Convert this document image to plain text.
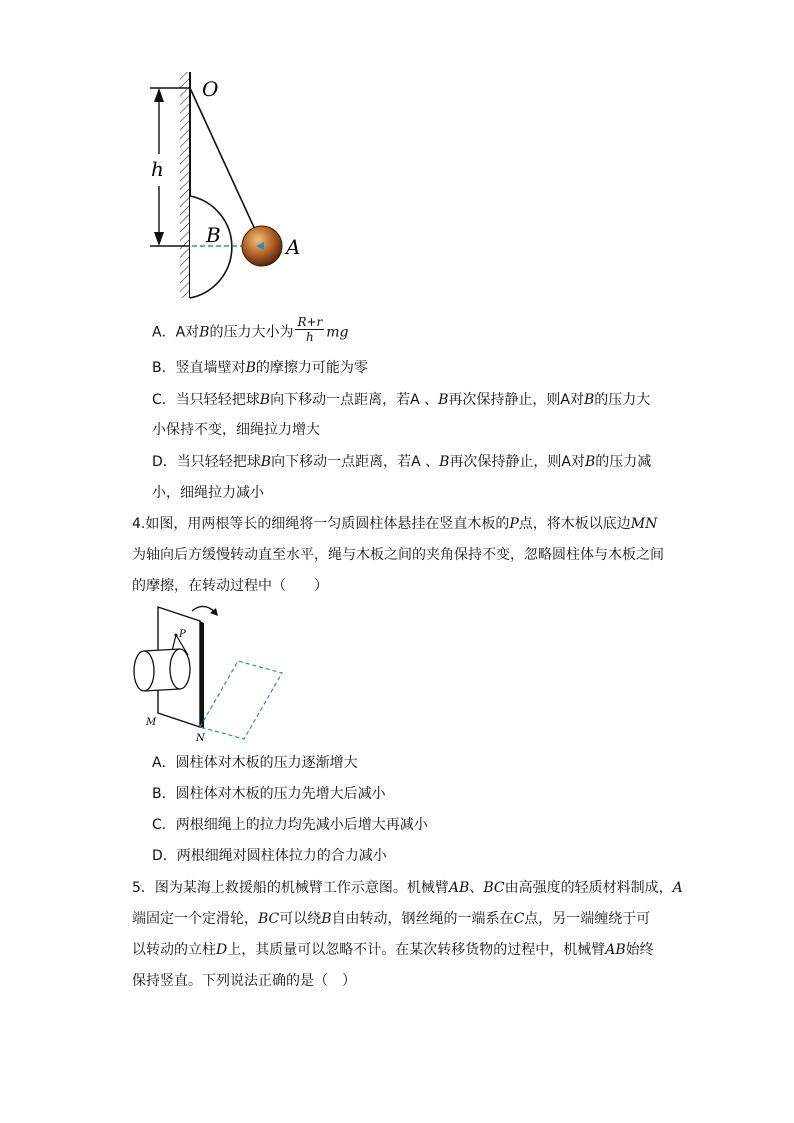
O
h
B	A
A．A对B的压力大小为 $\frac{R+r}{h}$ mg
B．竖直墙壁对B的摩擦力可能为零
C．当只轻轻把球B向下移动一点距离，若A 、B再次保持静止，则A对B的压力大
小保持不变，细绳拉力增大
D．当只轻轻把球B向下移动一点距离，若A 、B再次保持静止，则A对B的压力减
小，细绳拉力减小
4.如图，用两根等长的细绳将一匀质圆柱体悬挂在竖直木板的P点，将木板以底边MN
为轴向后方缓慢转动直至水平，绳与木板之间的夹角保持不变，忽略圆柱体与木板之间
的摩擦，在转动过程中（　　）
P
M
N
A．圆柱体对木板的压力逐渐增大
B．圆柱体对木板的压力先增大后减小
C．两根细绳上的拉力均先减小后增大再减小
D．两根细绳对圆柱体拉力的合力减小
5．图为某海上救援船的机械臂工作示意图。机械臂AB、BC由高强度的轻质材料制成，A
端固定一个定滑轮，BC可以绕B自由转动，钢丝绳的一端系在C点，另一端缠绕于可
以转动的立柱D上，其质量可以忽略不计。在某次转移货物的过程中，机械臂AB始终
保持竖直。下列说法正确的是（　）
